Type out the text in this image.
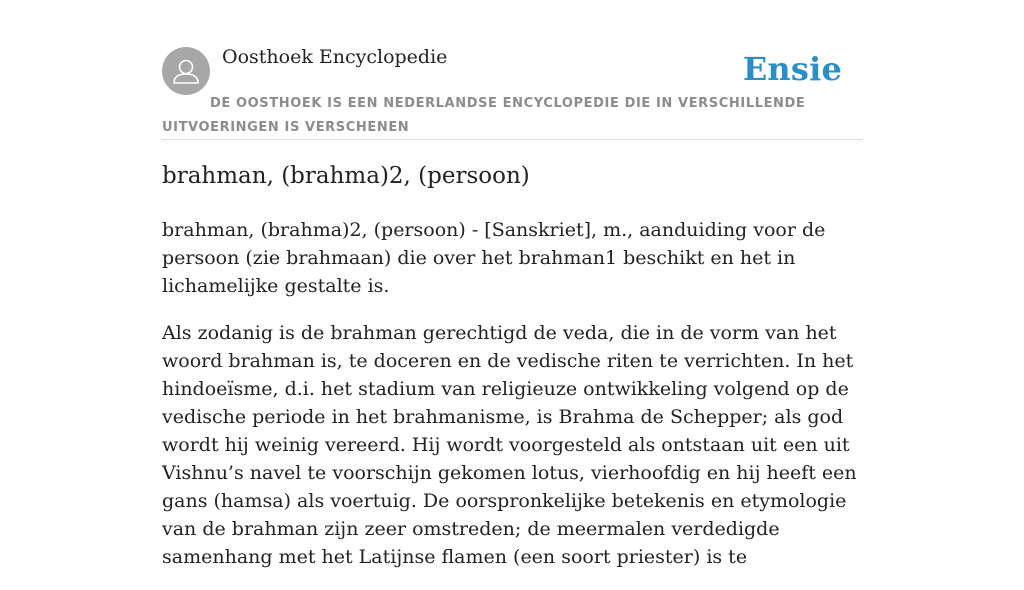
Oosthoek Encyclopedie	Ensie
DE OOSTHOEK IS EEN NEDERLANDSE ENCYCLOPEDIE DIE IN VERSCHILLENDE UITVOERINGEN IS VERSCHENEN
brahman, (brahma)2, (persoon)

brahman, (brahma)2, (persoon) - [Sanskriet], m., aanduiding voor de persoon (zie brahmaan) die over het brahman1 beschikt en het in lichamelijke gestalte is.

Als zodanig is de brahman gerechtigd de veda, die in de vorm van het woord brahman is, te doceren en de vedische riten te verrichten. In het hindoeïsme, d.i. het stadium van religieuze ontwikkeling volgend op de vedische periode in het brahmanisme, is Brahma de Schepper; als god wordt hij weinig vereerd. Hij wordt voorgesteld als ontstaan uit een uit Vishnu’s navel te voorschijn gekomen lotus, vierhoofdig en hij heeft een gans (hamsa) als voertuig. De oorspronkelijke betekenis en etymologie van de brahman zijn zeer omstreden; de meermalen verdedigde samenhang met het Latijnse flamen (een soort priester) is te
